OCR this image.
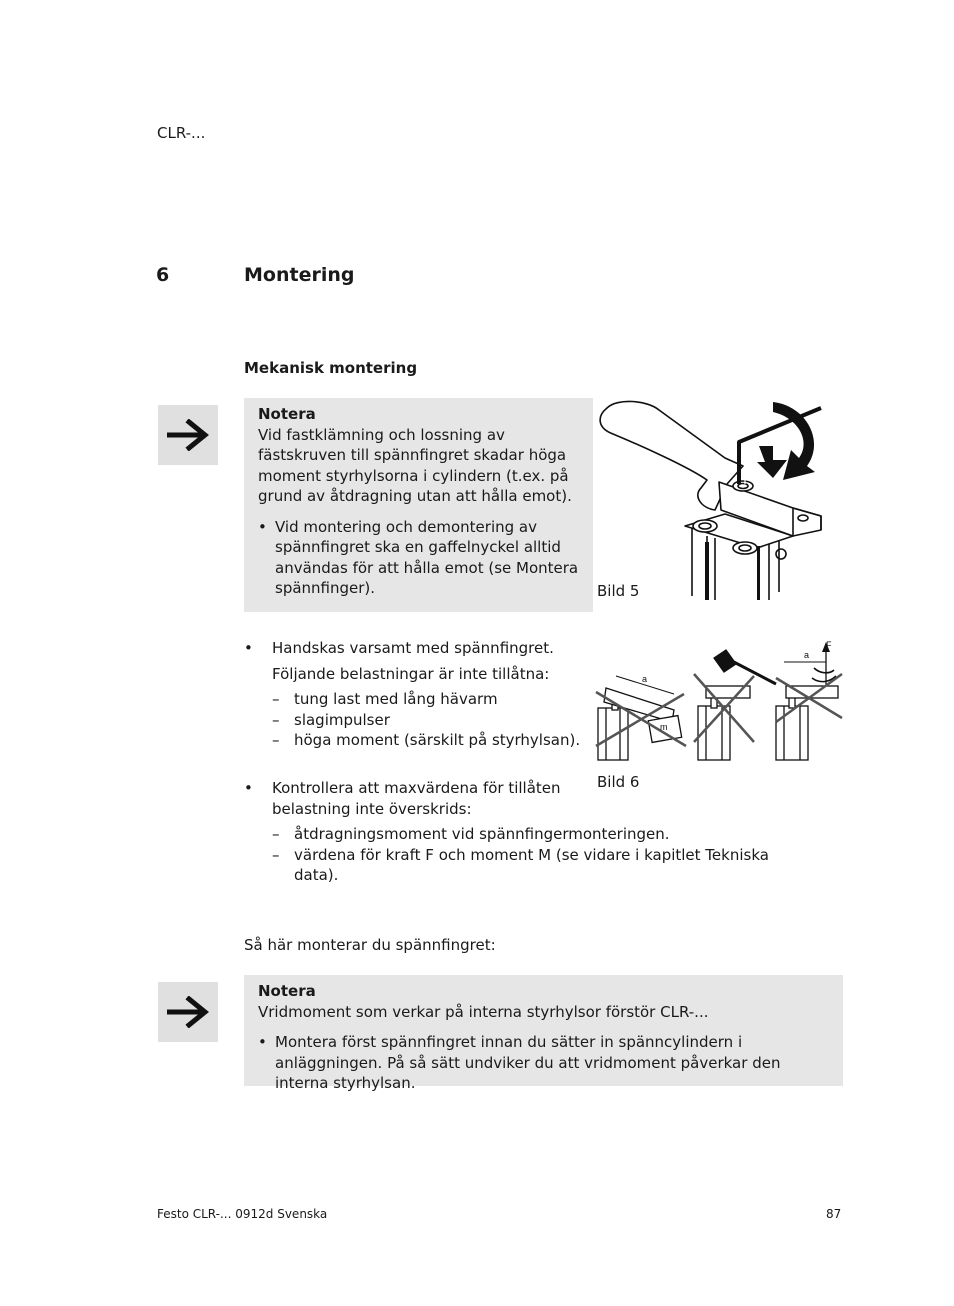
CLR-...
6	Montering
Mekanisk montering
Notera
Vid fastklämning och lossning av fästskruven till spännfingret skadar höga moment styrhylsorna i cylindern (t.ex. på grund av åtdragning utan att hålla emot).
• Vid montering och demontering av spännfingret ska en gaffelnyckel alltid användas för att hålla emot (se Montera spännfinger).	Bild 5
• Handskas varsamt med spännfingret.
Följande belastningar är inte tillåtna:
– tung last med lång hävarm
– slagimpulser
– höga moment (särskilt på styrhylsan).
a
m
a
F
Bild 6
• Kontrollera att maxvärdena för tillåten belastning inte överskrids:
– åtdragningsmoment vid spännfingermonteringen.
– värdena för kraft F och moment M (se vidare i kapitlet Tekniska data).
Så här monterar du spännfingret:
Notera
Vridmoment som verkar på interna styrhylsor förstör CLR-...
• Montera först spännfingret innan du sätter in spänncylindern i anläggningen. På så sätt undviker du att vridmoment påverkar den interna styrhylsan.
Festo CLR-... 0912d Svenska	87
